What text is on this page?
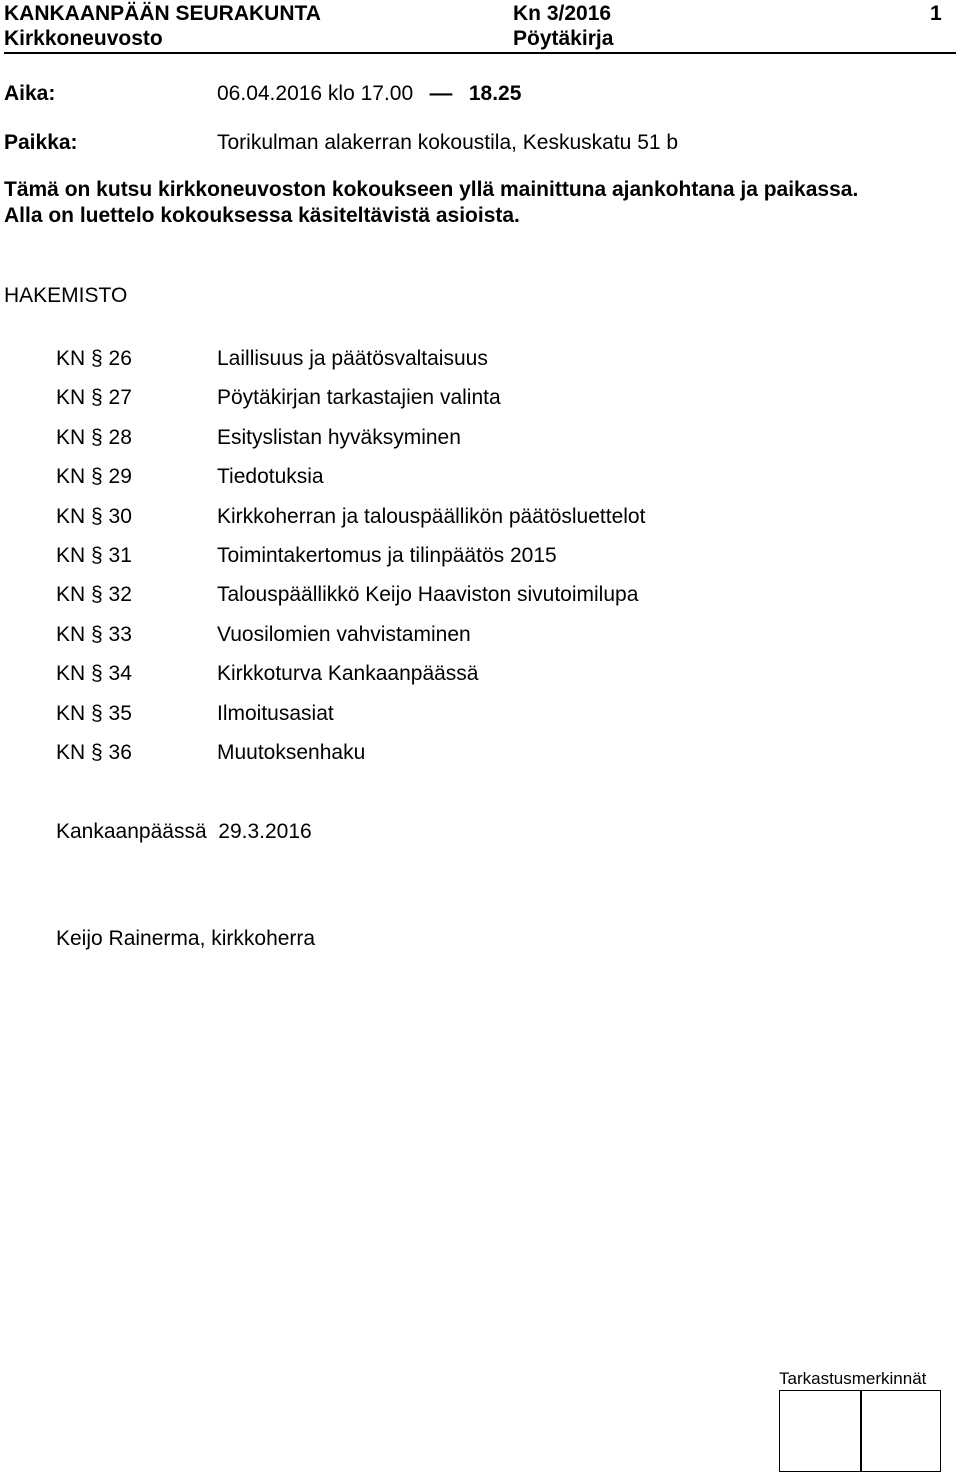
KANKAANPÄÄN SEURAKUNTA	Kn 3/2016	1
Kirkkoneuvosto	Pöytäkirja
Aika:	06.04.2016 klo 17.00 – 18.25
Paikka:	Torikulman alakerran kokoustila, Keskuskatu 51 b
Tämä on kutsu kirkkoneuvoston kokoukseen yllä mainittuna ajankohtana ja paikassa.
Alla on luettelo kokouksessa käsiteltävistä asioista.
HAKEMISTO
KN § 26	Laillisuus ja päätösvaltaisuus
KN § 27	Pöytäkirjan tarkastajien valinta
KN § 28	Esityslistan hyväksyminen
KN § 29	Tiedotuksia
KN § 30	Kirkkoherran ja talouspäällikön päätösluettelot
KN § 31	Toimintakertomus ja tilinpäätös 2015
KN § 32	Talouspäällikkö Keijo Haaviston sivutoimilupa
KN § 33	Vuosilomien vahvistaminen
KN § 34	Kirkkoturva Kankaanpäässä
KN § 35	Ilmoitusasiat
KN § 36	Muutoksenhaku
Kankaanpäässä  29.3.2016
Keijo Rainerma, kirkkoherra
Tarkastusmerkinnät
